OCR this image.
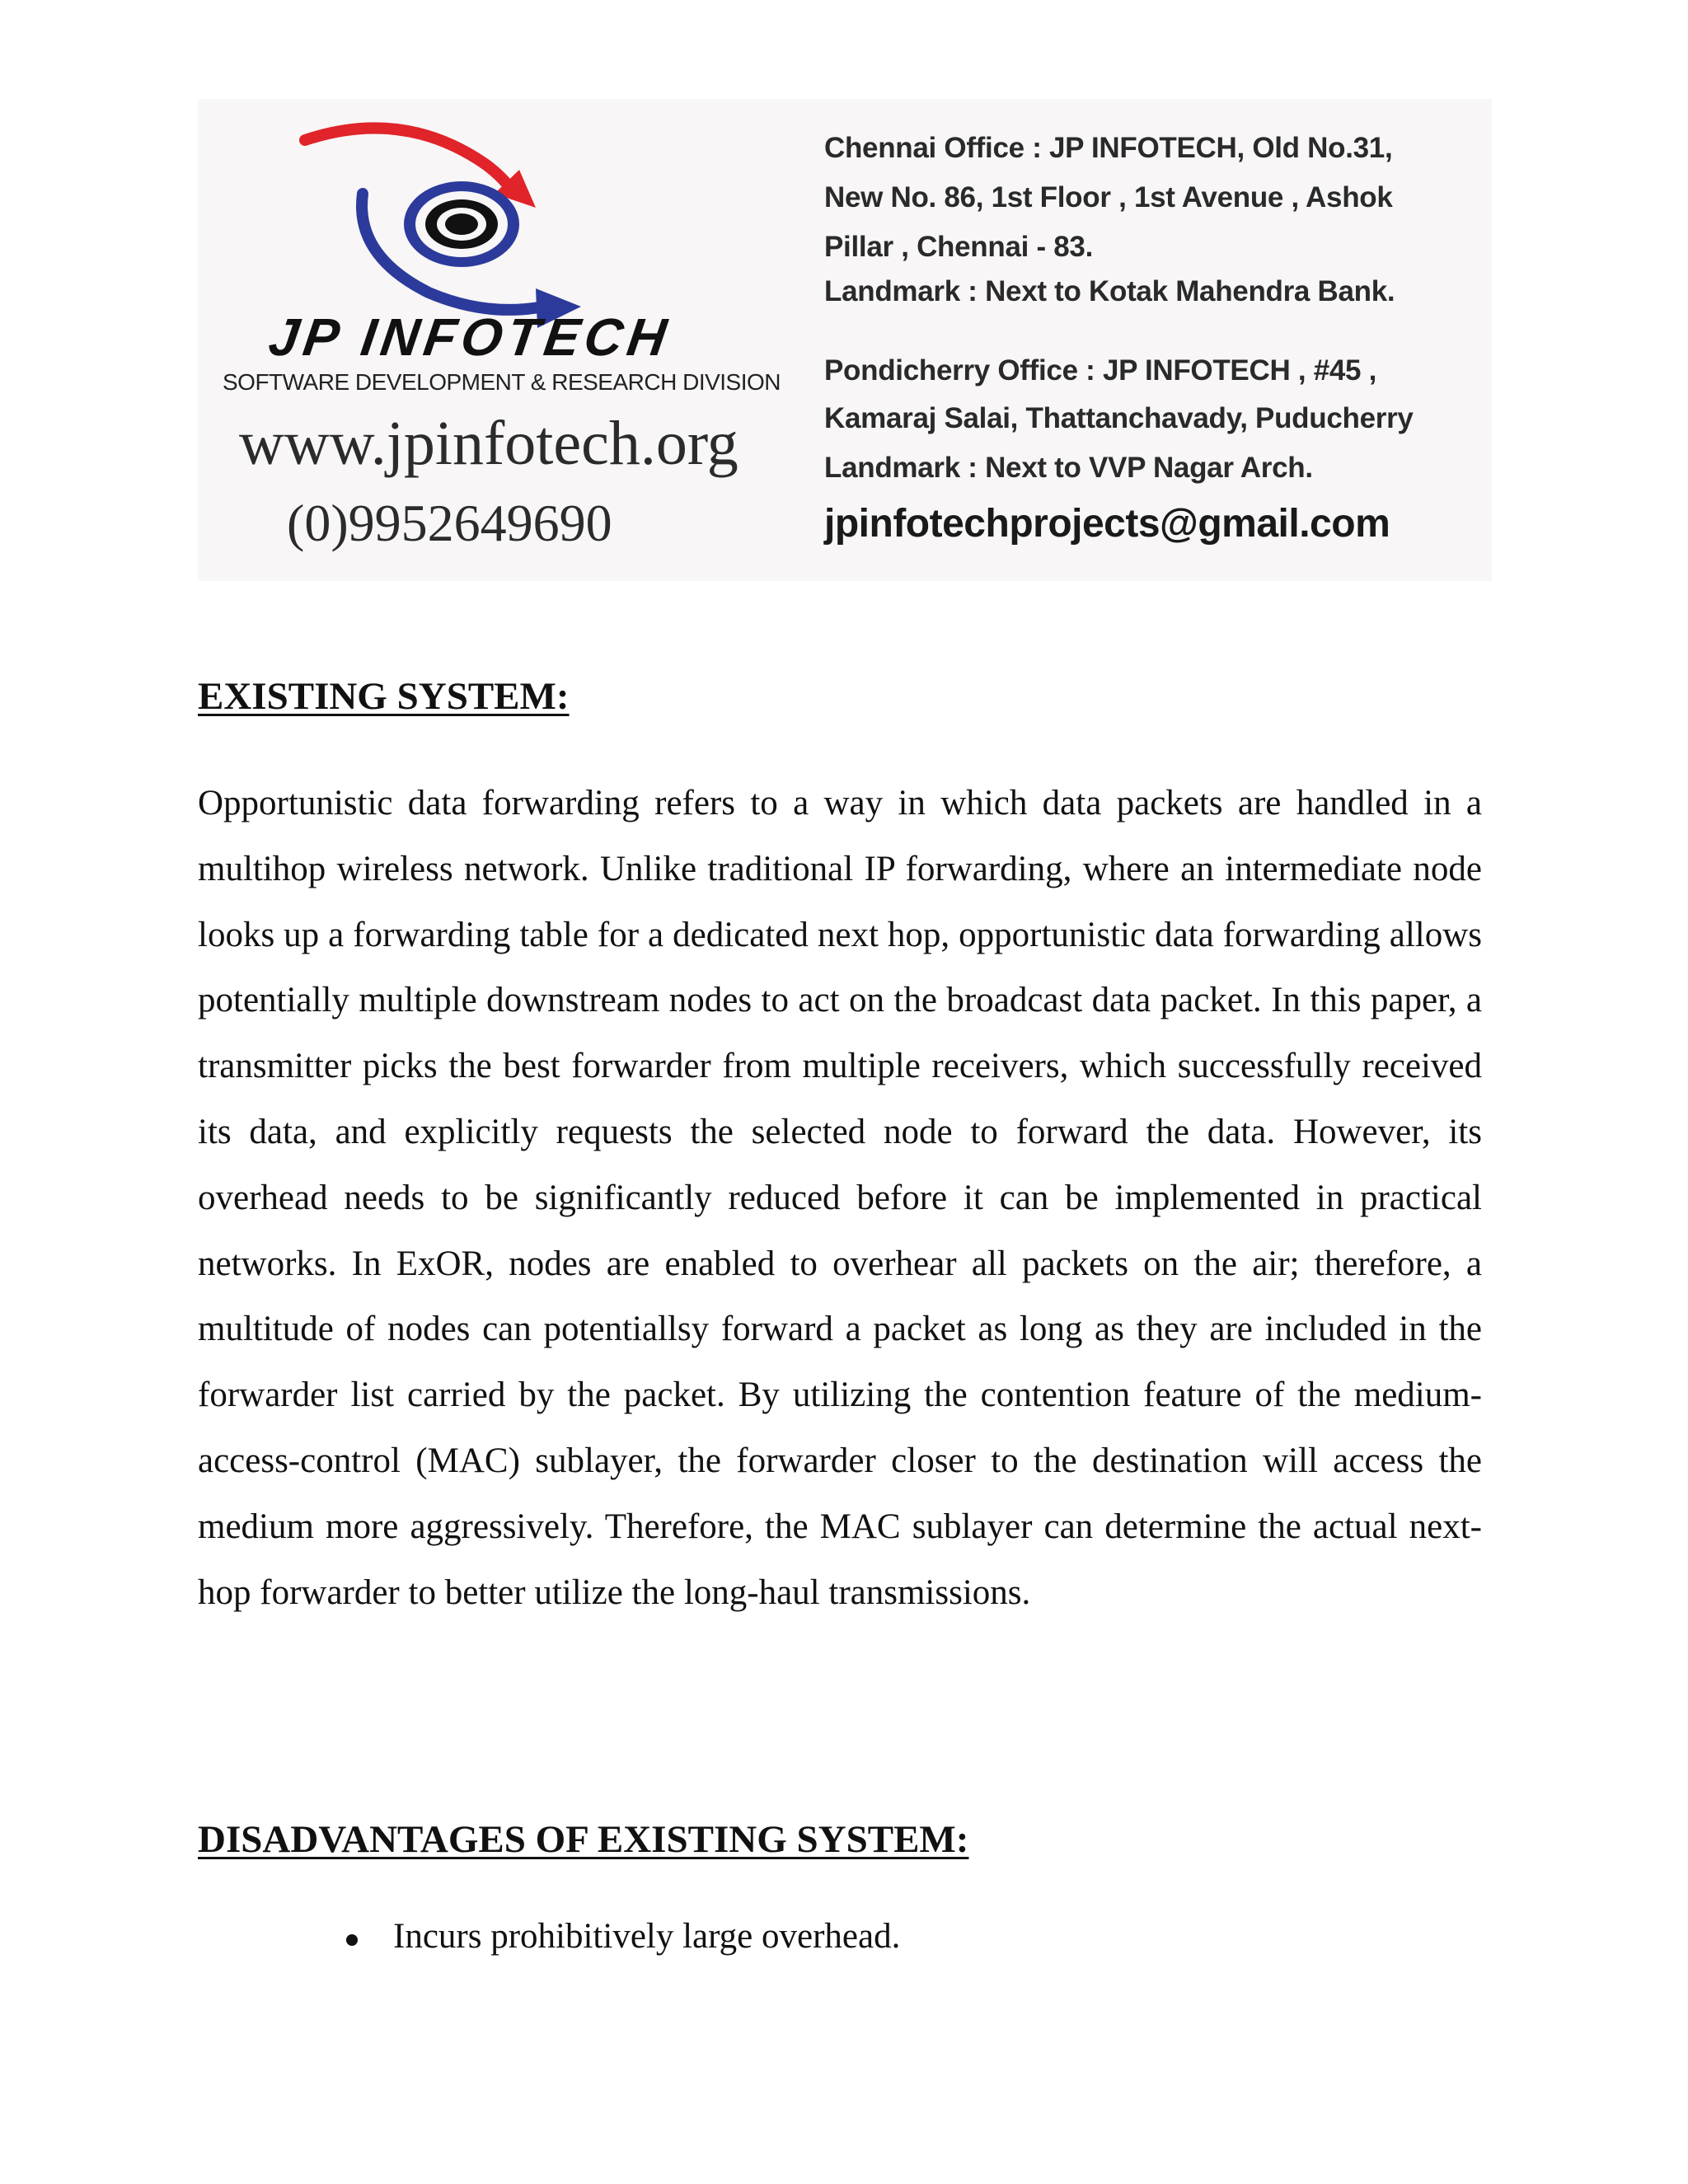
JP INFOTECH
SOFTWARE DEVELOPMENT & RESEARCH DIVISION
www.jpinfotech.org
(0)9952649690
Chennai Office : JP INFOTECH, Old No.31,
New No. 86, 1st Floor , 1st Avenue , Ashok
Pillar , Chennai - 83.
Landmark : Next to Kotak Mahendra Bank.
Pondicherry Office : JP INFOTECH , #45 ,
Kamaraj Salai, Thattanchavady, Puducherry
Landmark : Next to VVP Nagar Arch.
jpinfotechprojects@gmail.com
EXISTING SYSTEM:

Opportunistic data forwarding refers to a way in which data packets are handled in a multihop wireless network. Unlike traditional IP forwarding, where an intermediate node looks up a forwarding table for a dedicated next hop, opportunistic data forwarding allows potentially multiple downstream nodes to act on the broadcast data packet. In this paper, a transmitter picks the best forwarder from multiple receivers, which successfully received its data, and explicitly requests the selected node to forward the data. However, its overhead needs to be significantly reduced before it can be implemented in practical networks. In ExOR, nodes are enabled to overhear all packets on the air; therefore, a multitude of nodes can potentiallsy forward a packet as long as they are included in the forwarder list carried by the packet. By utilizing the contention feature of the medium-access-control (MAC) sublayer, the forwarder closer to the destination will access the medium more aggressively. Therefore, the MAC sublayer can determine the actual next-hop forwarder to better utilize the long-haul transmissions.

DISADVANTAGES OF EXISTING SYSTEM:
Incurs prohibitively large overhead.
